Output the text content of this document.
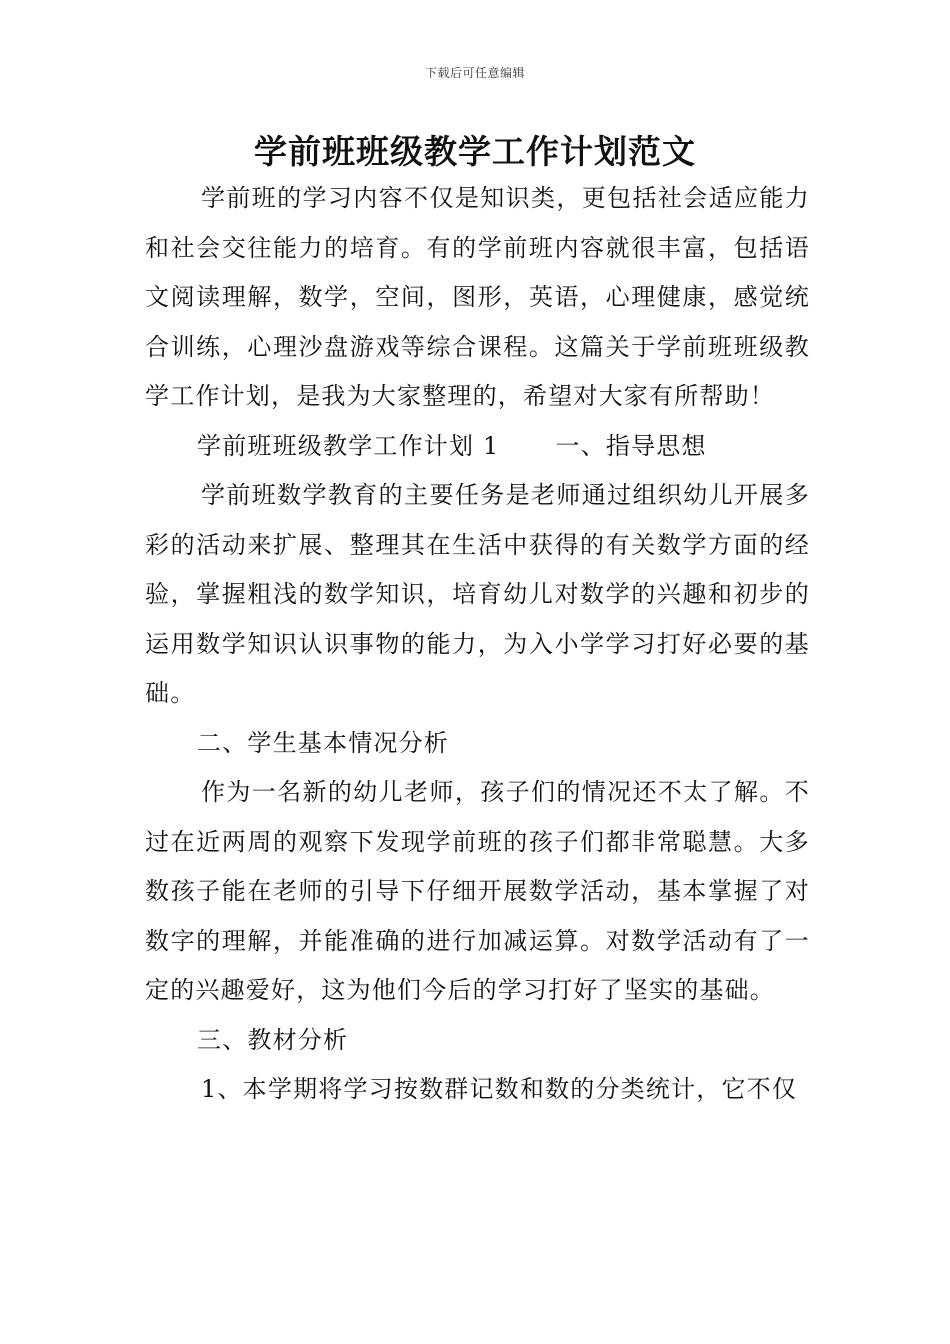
下载后可任意编辑
学前班班级教学工作计划范文

学前班的学习内容不仅是知识类，更包括社会适应能力和社会交往能力的培育。有的学前班内容就很丰富，包括语文阅读理解，数学，空间，图形，英语，心理健康，感觉统合训练，心理沙盘游戏等综合课程。这篇关于学前班班级教学工作计划，是我为大家整理的，希望对大家有所帮助！

学前班班级教学工作计划 1 一、指导思想

学前班数学教育的主要任务是老师通过组织幼儿开展多彩的活动来扩展、整理其在生活中获得的有关数学方面的经验，掌握粗浅的数学知识，培育幼儿对数学的兴趣和初步的运用数学知识认识事物的能力，为入小学学习打好必要的基础。

二、学生基本情况分析

作为一名新的幼儿老师，孩子们的情况还不太了解。不过在近两周的观察下发现学前班的孩子们都非常聪慧。大多数孩子能在老师的引导下仔细开展数学活动，基本掌握了对数字的理解，并能准确的进行加减运算。对数学活动有了一定的兴趣爱好，这为他们今后的学习打好了坚实的基础。

三、教材分析

1、本学期将学习按数群记数和数的分类统计，它不仅
